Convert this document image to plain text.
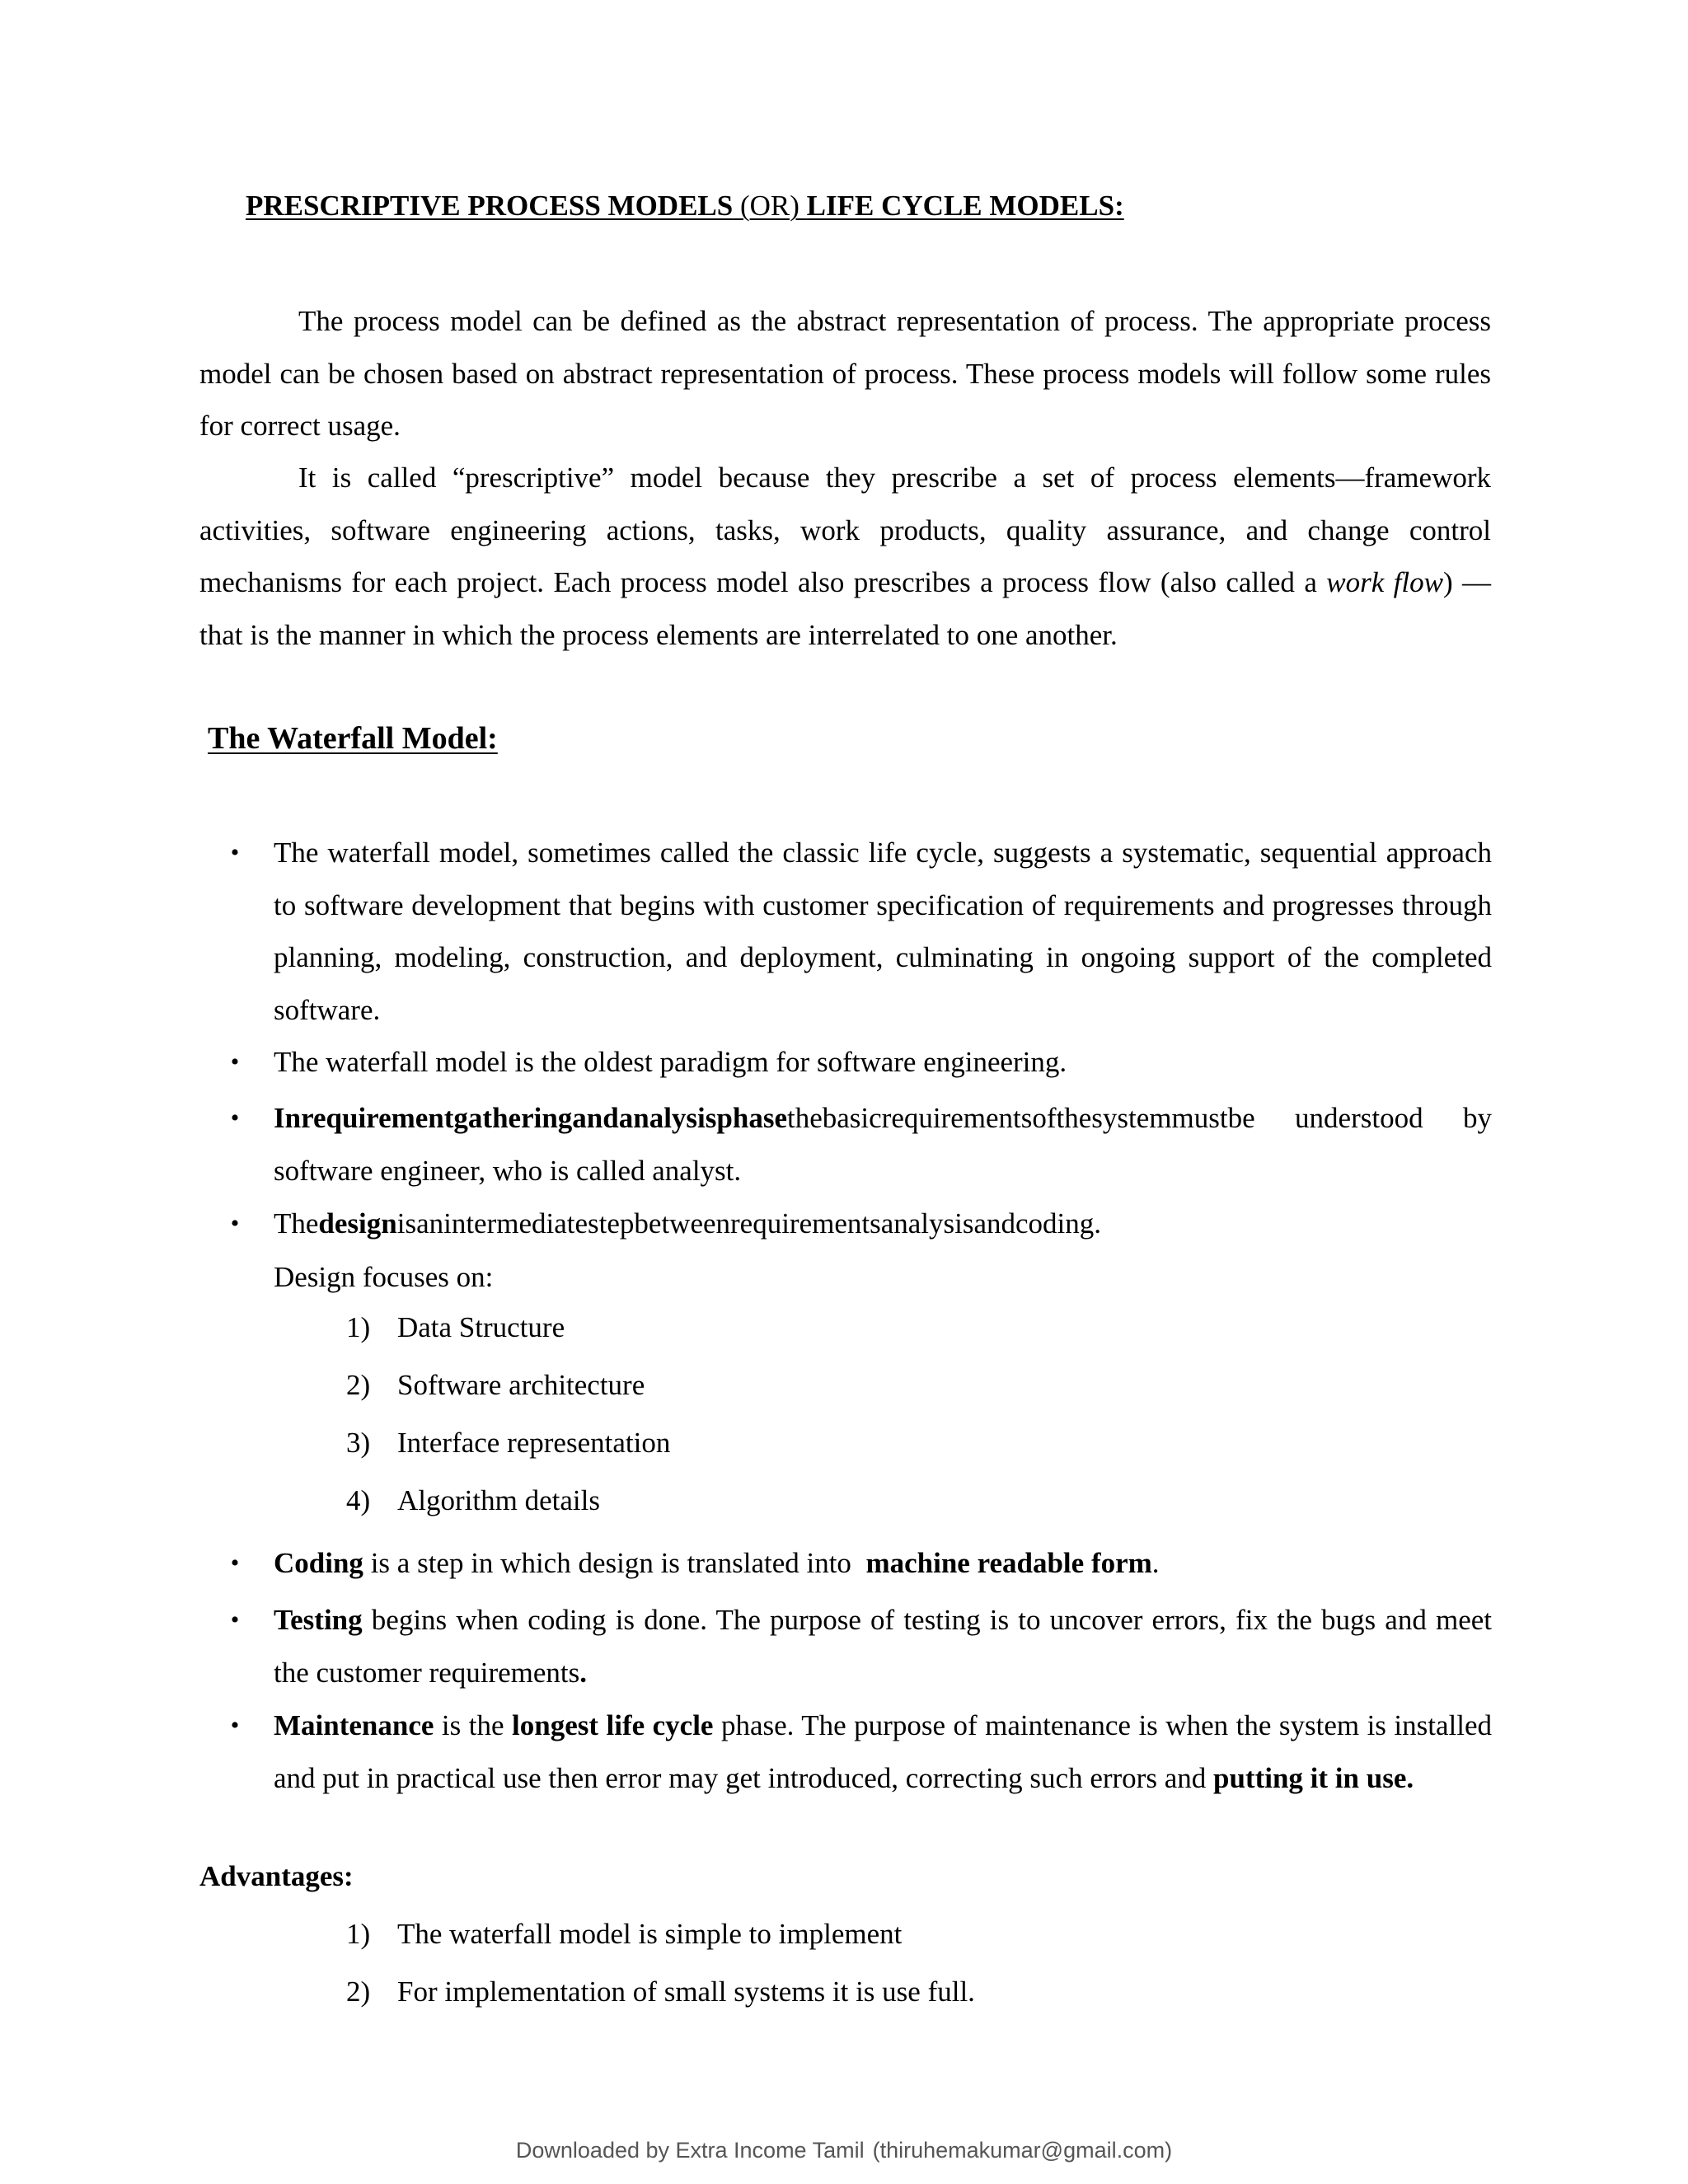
PRESCRIPTIVE PROCESS MODELS (OR) LIFE CYCLE MODELS:

The process model can be defined as the abstract representation of process. The appropriate process model can be chosen based on abstract representation of process. These process models will follow some rules for correct usage.

It is called “prescriptive” model because they prescribe a set of process elements—framework activities, software engineering actions, tasks, work products, quality assurance, and change control mechanisms for each project. Each process model also prescribes a process flow (also called a work flow) —that is the manner in which the process elements are interrelated to one another.

The Waterfall Model:
• The waterfall model, sometimes called the classic life cycle, suggests a systematic, sequential approach to software development that begins with customer specification of requirements and progresses through planning, modeling, construction, and deployment, culminating in ongoing support of the completed software.

• The waterfall model is the oldest paradigm for software engineering.

• Inrequirementgatheringandanalysisphasethebasicrequirementsofthesystemmustbe understood by software engineer, who is called analyst.

• Thedesignisanintermediatestepbetweenrequirementsanalysisandcoding.

Design focuses on:
1) Data Structure
2) Software architecture
3) Interface representation
4) Algorithm details
• Coding is a step in which design is translated into  machine readable form.

• Testing begins when coding is done. The purpose of testing is to uncover errors, fix the bugs and meet the customer requirements.

• Maintenance is the longest life cycle phase. The purpose of maintenance is when the system is installed and put in practical use then error may get introduced, correcting such errors and putting it in use.

Advantages:
1) The waterfall model is simple to implement
2) For implementation of small systems it is use full.
Downloaded by Extra Income Tamil (thiruhemakumar@gmail.com)
